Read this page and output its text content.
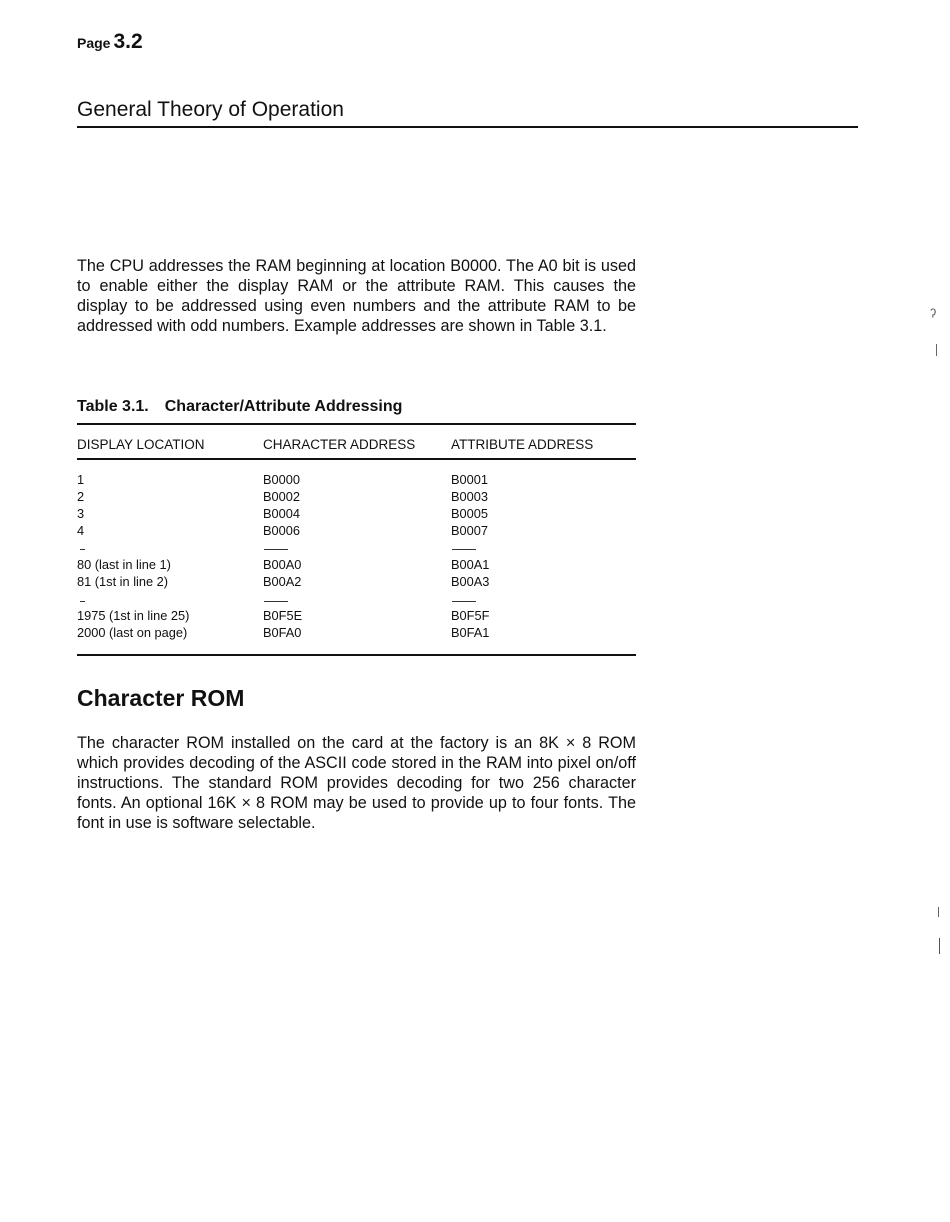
Page 3.2
General Theory of Operation
The CPU addresses the RAM beginning at location B0000. The A0 bit is used to enable either the display RAM or the attribute RAM. This causes the display to be addressed using even numbers and the attribute RAM to be addressed with odd numbers. Example addresses are shown in Table 3.1.
Table 3.1. Character/Attribute Addressing
DISPLAY LOCATION	CHARACTER ADDRESS	ATTRIBUTE ADDRESS
1	B0000	B0001
2	B0002	B0003
3	B0004	B0005
4	B0006	B0007
80 (last in line 1)	B00A0	B00A1
81 (1st in line 2)	B00A2	B00A3
1975 (1st in line 25)	B0F5E	B0F5F
2000 (last on page)	B0FA0	B0FA1
Character ROM
The character ROM installed on the card at the factory is an 8K × 8 ROM which provides decoding of the ASCII code stored in the RAM into pixel on/off instructions. The standard ROM provides decoding for two 256 character fonts. An optional 16K × 8 ROM may be used to provide up to four fonts. The font in use is software selectable.
ˀ
